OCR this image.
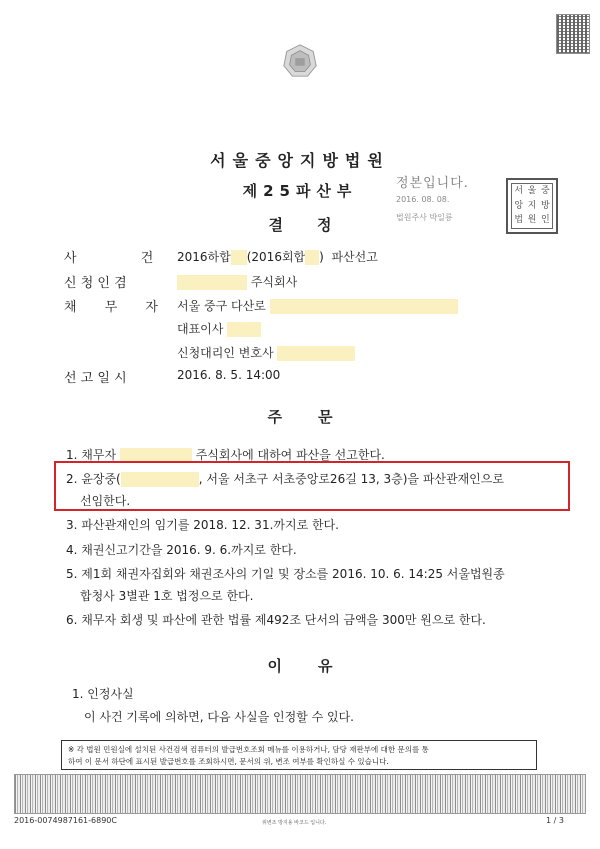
서울중앙지방법원
제25파산부
결정
정본입니다.
2016. 08. 08.
법원주사 박일룡
서 울 중
앙 지 방
법 원 인
사 건
2016하합 (2016회합 ) 파산선고
신 청 인 겸	주식회사
채 무 자 서울 중구 다산로
대표이사
신청대리인 변호사
선 고 일 시	2016. 8. 5. 14:00
주문
1. 채무자	주식회사에 대하여 파산을 선고한다.
2. 윤장중(	, 서울 서초구 서초중앙로26길 13, 3층)을 파산관재인으로
선임한다.
3. 파산관재인의 임기를 2018. 12. 31.까지로 한다.
4. 채권신고기간을 2016. 9. 6.까지로 한다.
5. 제1회 채권자집회와 채권조사의 기일 및 장소를 2016. 10. 6. 14:25 서울법원종
합청사 3별관 1호 법정으로 한다.
6. 채무자 회생 및 파산에 관한 법률 제492조 단서의 금액을 300만 원으로 한다.
이유
1. 인정사실
이 사건 기록에 의하면, 다음 사실을 인정할 수 있다.
※ 각 법원 민원실에 설치된 사건검색 컴퓨터의 발급번호조회 메뉴를 이용하거나, 담당 재판부에 대한 문의를 통
하여 이 문서 하단에 표시된 발급번호를 조회하시면, 문서의 위, 변조 여부를 확인하실 수 있습니다.
2016-0074987161-6890C	위변조 방지용 바코드 입니다.	1 / 3
